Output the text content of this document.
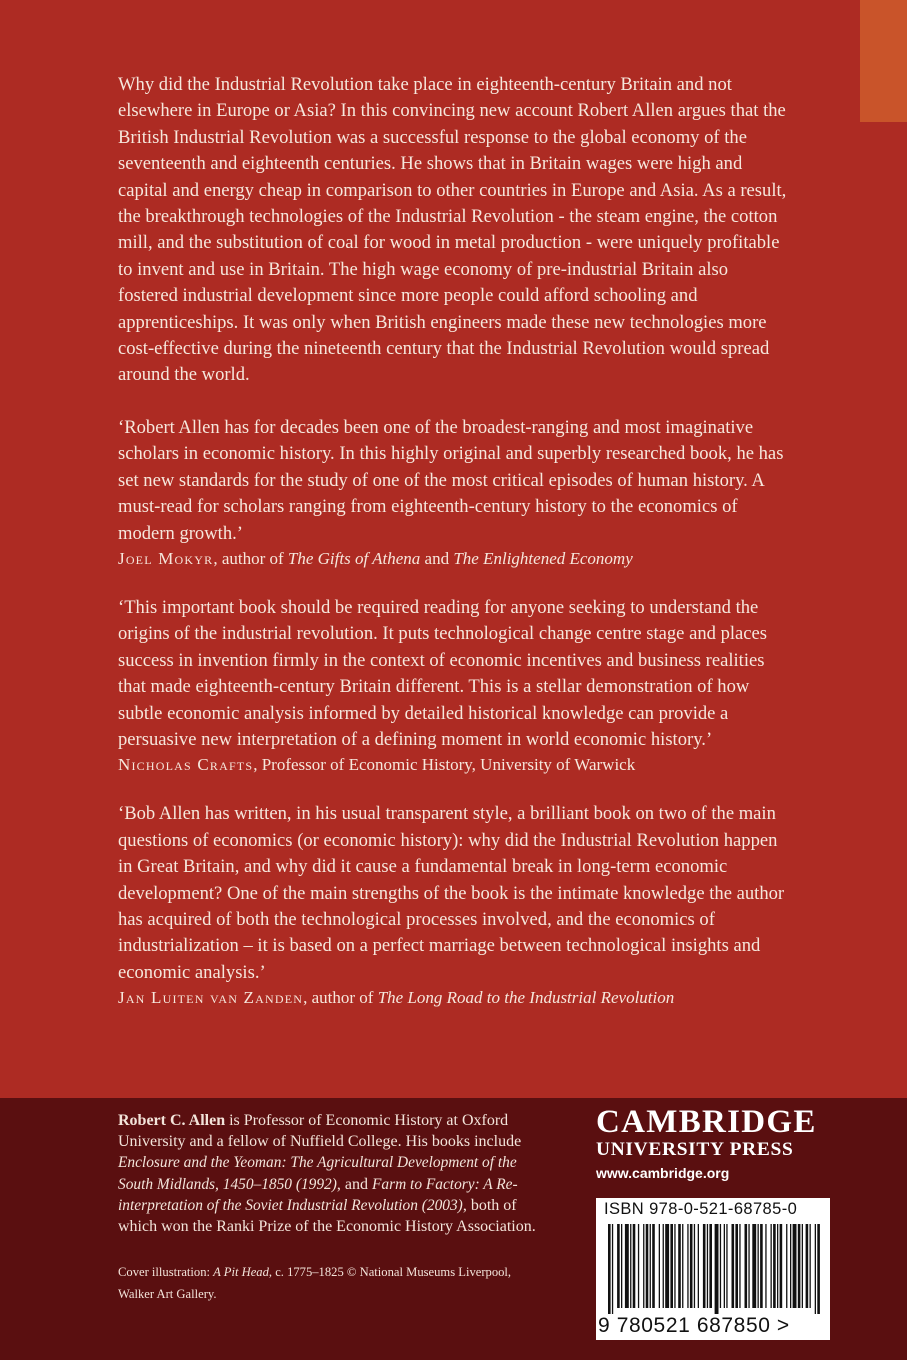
Why did the Industrial Revolution take place in eighteenth-century Britain and not elsewhere in Europe or Asia? In this convincing new account Robert Allen argues that the British Industrial Revolution was a successful response to the global economy of the seventeenth and eighteenth centuries. He shows that in Britain wages were high and capital and energy cheap in comparison to other countries in Europe and Asia. As a result, the breakthrough technologies of the Industrial Revolution - the steam engine, the cotton mill, and the substitution of coal for wood in metal production - were uniquely profitable to invent and use in Britain. The high wage economy of pre-industrial Britain also fostered industrial development since more people could afford schooling and apprenticeships. It was only when British engineers made these new technologies more cost-effective during the nineteenth century that the Industrial Revolution would spread around the world.

‘Robert Allen has for decades been one of the broadest-ranging and most imaginative scholars in economic history. In this highly original and superbly researched book, he has set new standards for the study of one of the most critical episodes of human history. A must-read for scholars ranging from eighteenth-century history to the economics of modern growth.’

Joel Mokyr, author of The Gifts of Athena and The Enlightened Economy

‘This important book should be required reading for anyone seeking to understand the origins of the industrial revolution. It puts technological change centre stage and places success in invention firmly in the context of economic incentives and business realities that made eighteenth-century Britain different. This is a stellar demonstration of how subtle economic analysis informed by detailed historical knowledge can provide a persuasive new interpretation of a defining moment in world economic history.’

Nicholas Crafts, Professor of Economic History, University of Warwick

‘Bob Allen has written, in his usual transparent style, a brilliant book on two of the main questions of economics (or economic history): why did the Industrial Revolution happen in Great Britain, and why did it cause a fundamental break in long-term economic development? One of the main strengths of the book is the intimate knowledge the author has acquired of both the technological processes involved, and the economics of industrialization – it is based on a perfect marriage between technological insights and economic analysis.’

Jan Luiten van Zanden, author of The Long Road to the Industrial Revolution

Robert C. Allen is Professor of Economic History at Oxford University and a fellow of Nuffield College. His books include Enclosure and the Yeoman: The Agricultural Development of the South Midlands, 1450–1850 (1992), and Farm to Factory: A Re-interpretation of the Soviet Industrial Revolution (2003), both of which won the Ranki Prize of the Economic History Association.
Cover illustration: A Pit Head, c. 1775–1825 © National Museums Liverpool, Walker Art Gallery.
CAMBRIDGE
UNIVERSITY PRESS
www.cambridge.org
ISBN 978-0-521-68785-0
9 780521 687850 >
